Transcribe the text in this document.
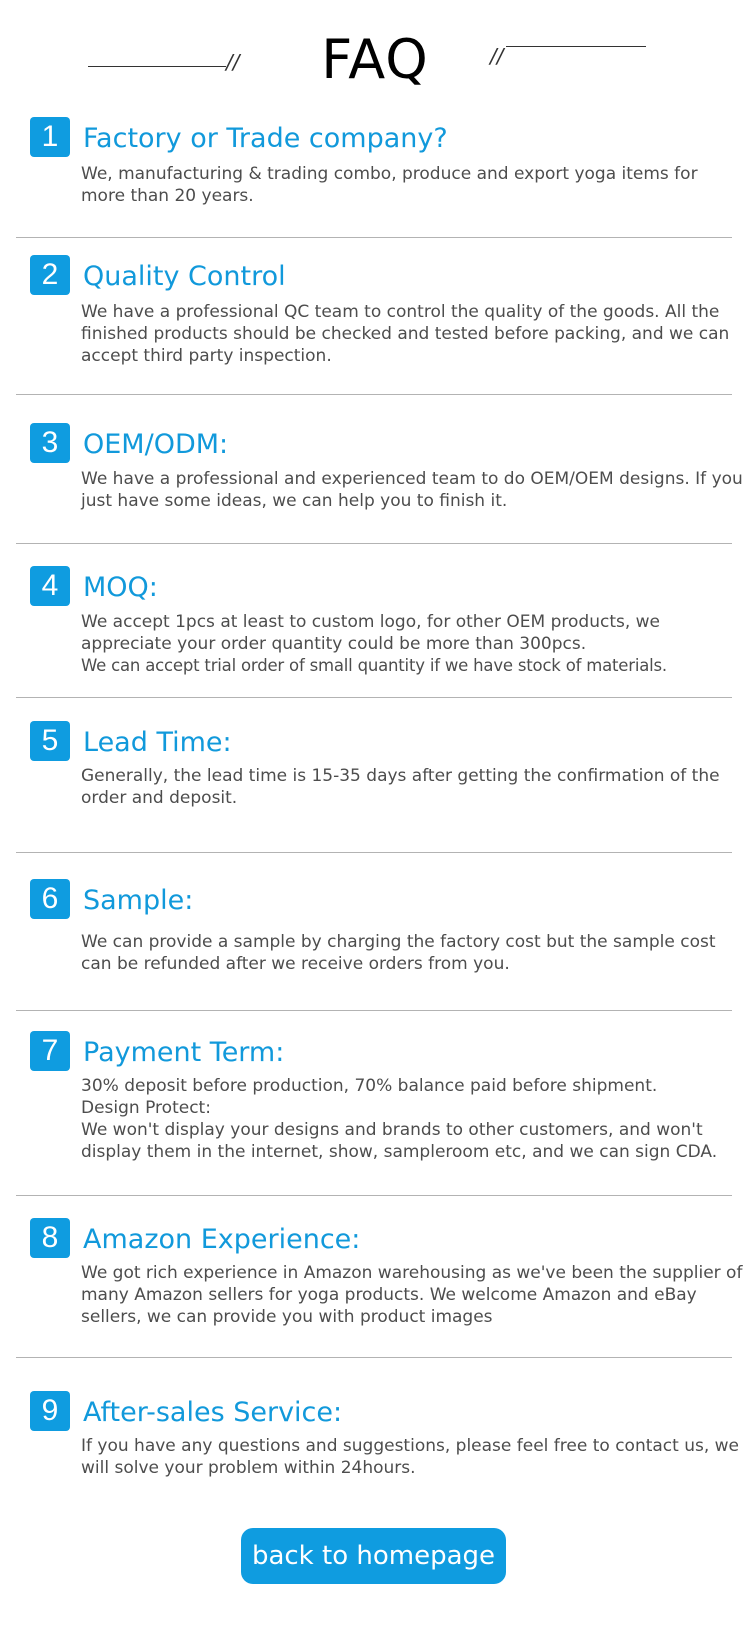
//	FAQ	//
1 Factory or Trade company?

We, manufacturing & trading combo, produce and export yoga items for more than 20 years.

2 Quality Control

We have a professional QC team to control the quality of the goods. All the finished products should be checked and tested before packing, and we can accept third party inspection.

3 OEM/ODM:

We have a professional and experienced team to do OEM/OEM designs. If you just have some ideas, we can help you to finish it.

4 MOQ:

We accept 1pcs at least to custom logo, for other OEM products, we appreciate your order quantity could be more than 300pcs.

We can accept trial order of small quantity if we have stock of materials.

5 Lead Time:

Generally, the lead time is 15-35 days after getting the confirmation of the order and deposit.

6 Sample:

We can provide a sample by charging the factory cost but the sample cost can be refunded after we receive orders from you.

7 Payment Term:

30% deposit before production, 70% balance paid before shipment.

Design Protect:

We won't display your designs and brands to other customers, and won't display them in the internet, show, sampleroom etc, and we can sign CDA.

8 Amazon Experience:

We got rich experience in Amazon warehousing as we've been the supplier of many Amazon sellers for yoga products. We welcome Amazon and eBay sellers, we can provide you with product images

9 After-sales Service:

If you have any questions and suggestions, please feel free to contact us, we will solve your problem within 24hours.

back to homepage
